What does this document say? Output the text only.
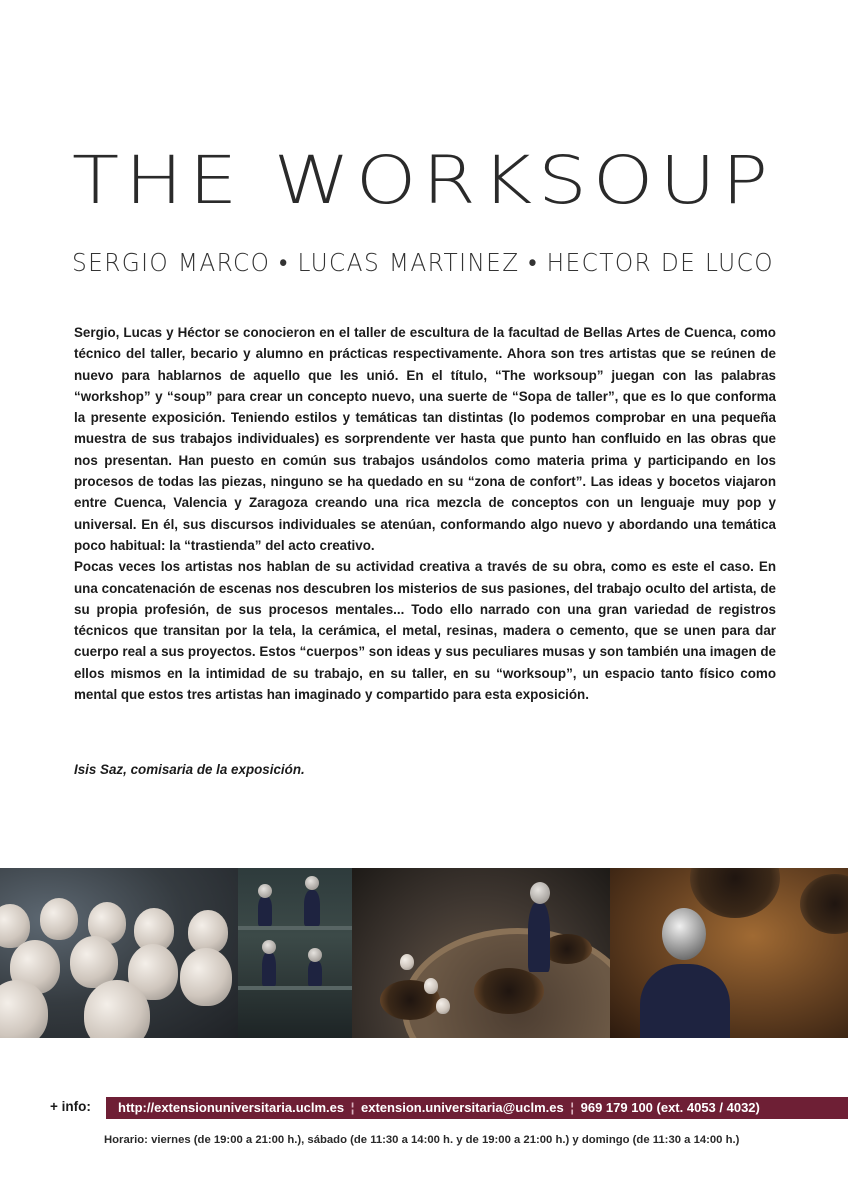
THE WORKSOUP
SERGIO MARCO • LUCAS MARTINEZ • HECTOR DE LUCO

Sergio, Lucas y Héctor se conocieron en el taller de escultura de la facultad de Bellas Artes de Cuenca, como técnico del taller, becario y alumno en prácticas respectivamente. Ahora son tres artistas que se reúnen de nuevo para hablarnos de aquello que les unió. En el título, “The worksoup” juegan con las palabras “workshop” y “soup” para crear un concepto nuevo, una suerte de “Sopa de taller”, que es lo que conforma la presente exposición. Teniendo estilos y temáticas tan distintas (lo podemos comprobar en una pequeña muestra de sus trabajos individuales) es sorprendente ver hasta que punto han confluido en las obras que nos presentan. Han puesto en común sus trabajos usándolos como materia prima y participando en los procesos de todas las piezas, ninguno se ha quedado en su “zona de confort”. Las ideas y bocetos viajaron entre Cuenca, Valencia y Zaragoza creando una rica mezcla de conceptos con un lenguaje muy pop y universal. En él, sus discursos individuales se atenúan, conformando algo nuevo y abordando una temática poco habitual: la “trastienda” del acto creativo.

Pocas veces los artistas nos hablan de su actividad creativa a través de su obra, como es este el caso. En una concatenación de escenas nos descubren los misterios de sus pasiones, del trabajo oculto del artista, de su propia profesión, de sus procesos mentales... Todo ello narrado con una gran variedad de registros técnicos que transitan por la tela, la cerámica, el metal, resinas, madera o cemento, que se unen para dar cuerpo real a sus proyectos. Estos “cuerpos” son ideas y sus peculiares musas y son también una imagen de ellos mismos en la intimidad de su trabajo, en su taller, en su “worksoup”, un espacio tanto físico como mental que estos tres artistas han imaginado y compartido para esta exposición.

Isis Saz, comisaria de la exposición.
+ info:	http://extensionuniversitaria.uclm.es ¦ extension.universitaria@uclm.es ¦ 969 179 100 (ext. 4053 / 4032)
Horario: viernes (de 19:00 a 21:00 h.), sábado (de 11:30 a 14:00 h. y de 19:00 a 21:00 h.) y domingo (de 11:30 a 14:00 h.)
